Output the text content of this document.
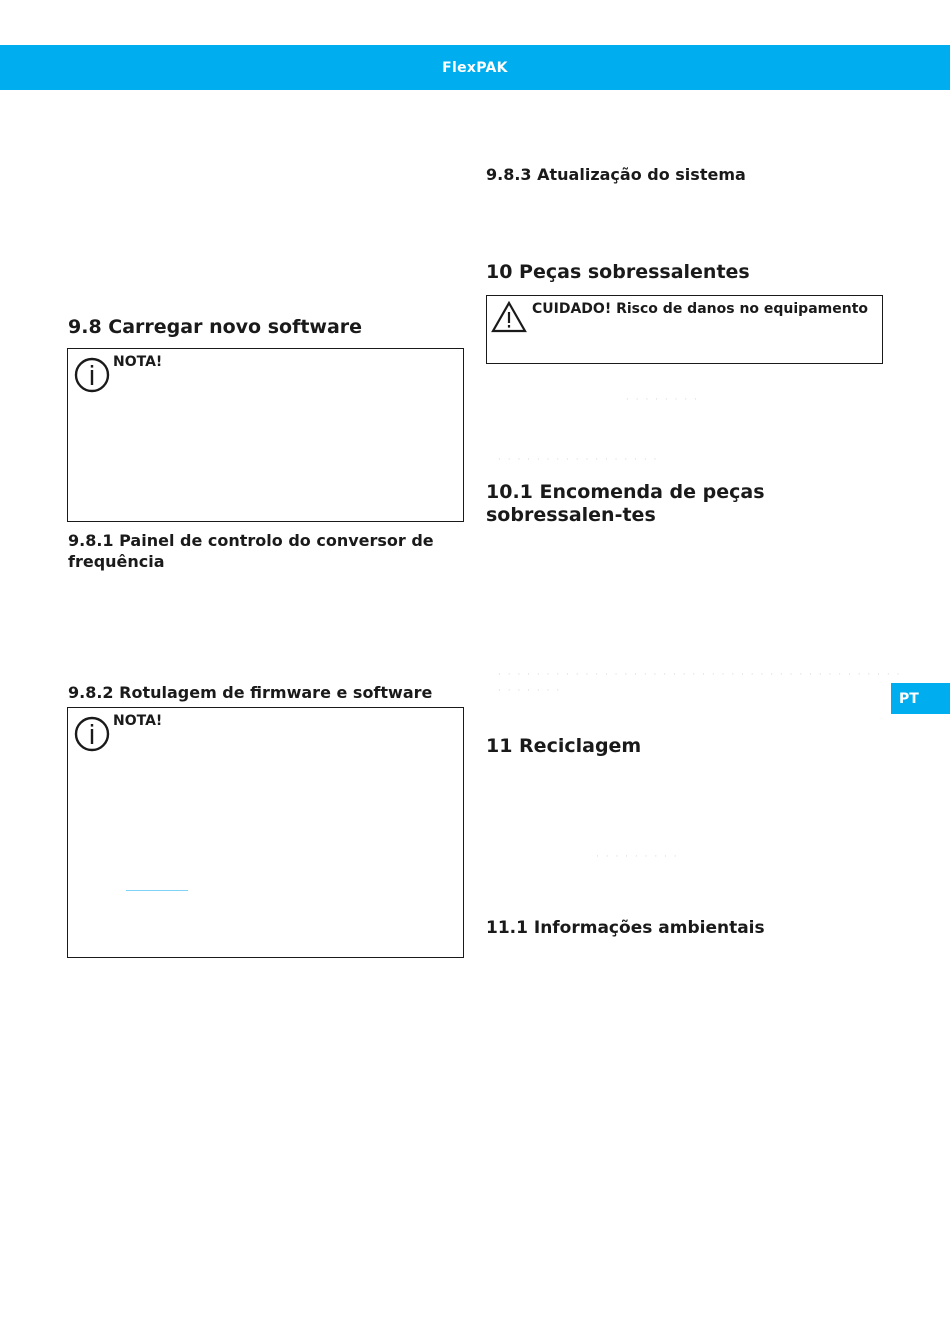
FlexPAK
9.8 Carregar novo software
NOTA!
9.8.1 Painel de controlo do conversor de frequência
9.8.2 Rotulagem de firmware e software
NOTA!
9.8.3 Atualização do sistema
10 Peças sobressalentes
CUIDADO! Risco de danos no equipamento
· · · · · · · ·
· · · · · · · · · · · · · · · · ·
10.1 Encomenda de peças sobressalen-tes
· · · · · · · · · · · · · · · · · · · · · · · · · · · · · · · · · · · · · · · · · ·
· · · · · · ·
11 Reciclagem
· · · · · · · · ·
11.1 Informações ambientais
PT
